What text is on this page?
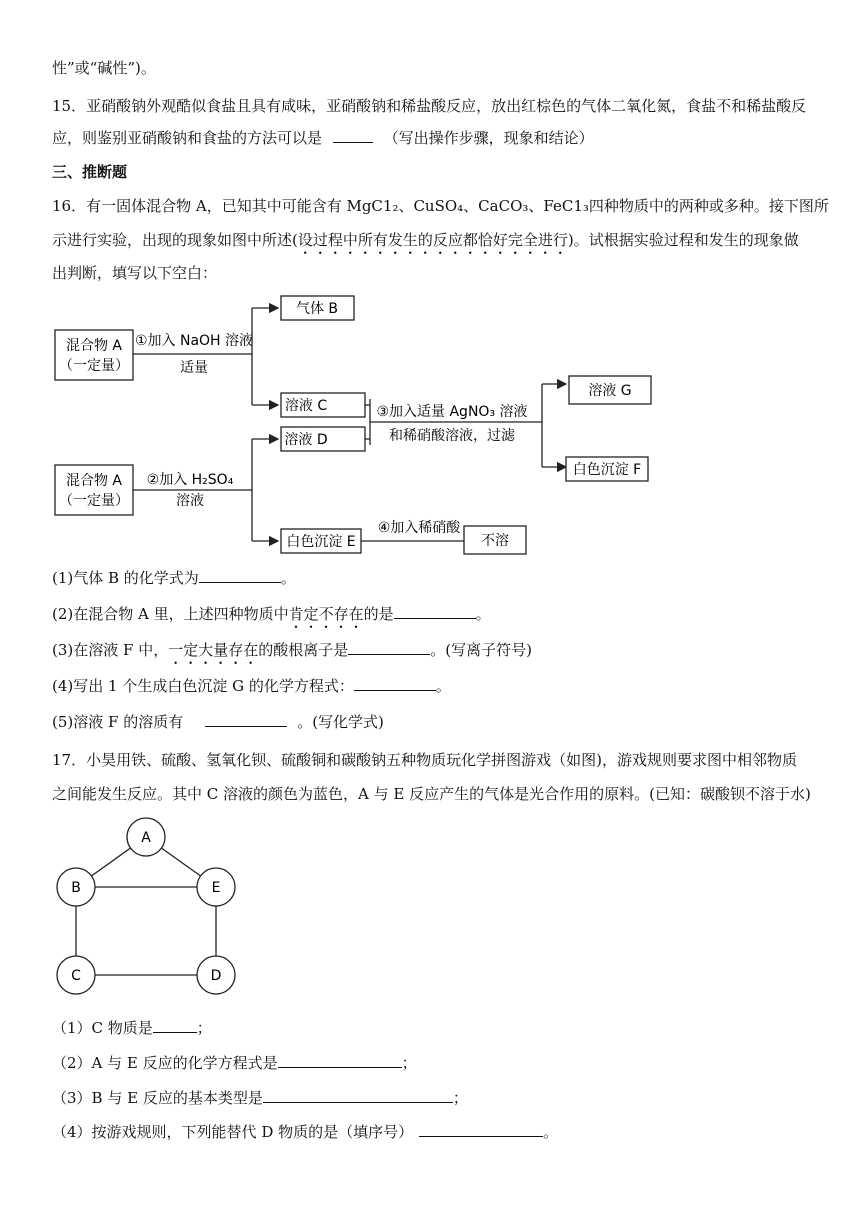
性”或“碱性”)。
15．亚硝酸钠外观酷似食盐且具有咸味，亚硝酸钠和稀盐酸反应，放出红棕色的气体二氧化氮，食盐不和稀盐酸反
应，则鉴别亚硝酸钠和食盐的方法可以是	（写出操作步骤，现象和结论）
三、推断题
16．有一固体混合物 A，已知其中可能含有 MgC1₂、CuSO₄、CaCO₃、FeC1₃四种物质中的两种或多种。接下图所
示进行实验，出现的现象如图中所述(设过程中所有发生的反应都恰好完全进行)。试根据实验过程和发生的现象做
出判断，填写以下空白：
混合物 A
（一定量）
①加入 NaOH 溶液
适量
气体 B
溶液 C
混合物 A
（一定量）
②加入 H₂SO₄
溶液
溶液 D
白色沉淀 E
③加入适量 AgNO₃ 溶液
和稀硝酸溶液，过滤
溶液 G
白色沉淀 F
④加入稀硝酸
不溶
(1)气体 B 的化学式为	。
(2)在混合物 A 里，上述四种物质中肯定不存在的是	。
(3)在溶液 F 中，一定大量存在的酸根离子是	。(写离子符号)
(4)写出 1 个生成白色沉淀 G 的化学方程式：	。
(5)溶液 F 的溶质有	。(写化学式)
17．小昊用铁、硫酸、氢氧化钡、硫酸铜和碳酸钠五种物质玩化学拼图游戏（如图)，游戏规则要求图中相邻物质
之间能发生反应。其中 C 溶液的颜色为蓝色，A 与 E 反应产生的气体是光合作用的原料。(已知：碳酸钡不溶于水)
A
B	E
C	D
（1）C 物质是	；
（2）A 与 E 反应的化学方程式是	；
（3）B 与 E 反应的基本类型是	；
（4）按游戏规则，下列能替代 D 物质的是（填序号）	。
